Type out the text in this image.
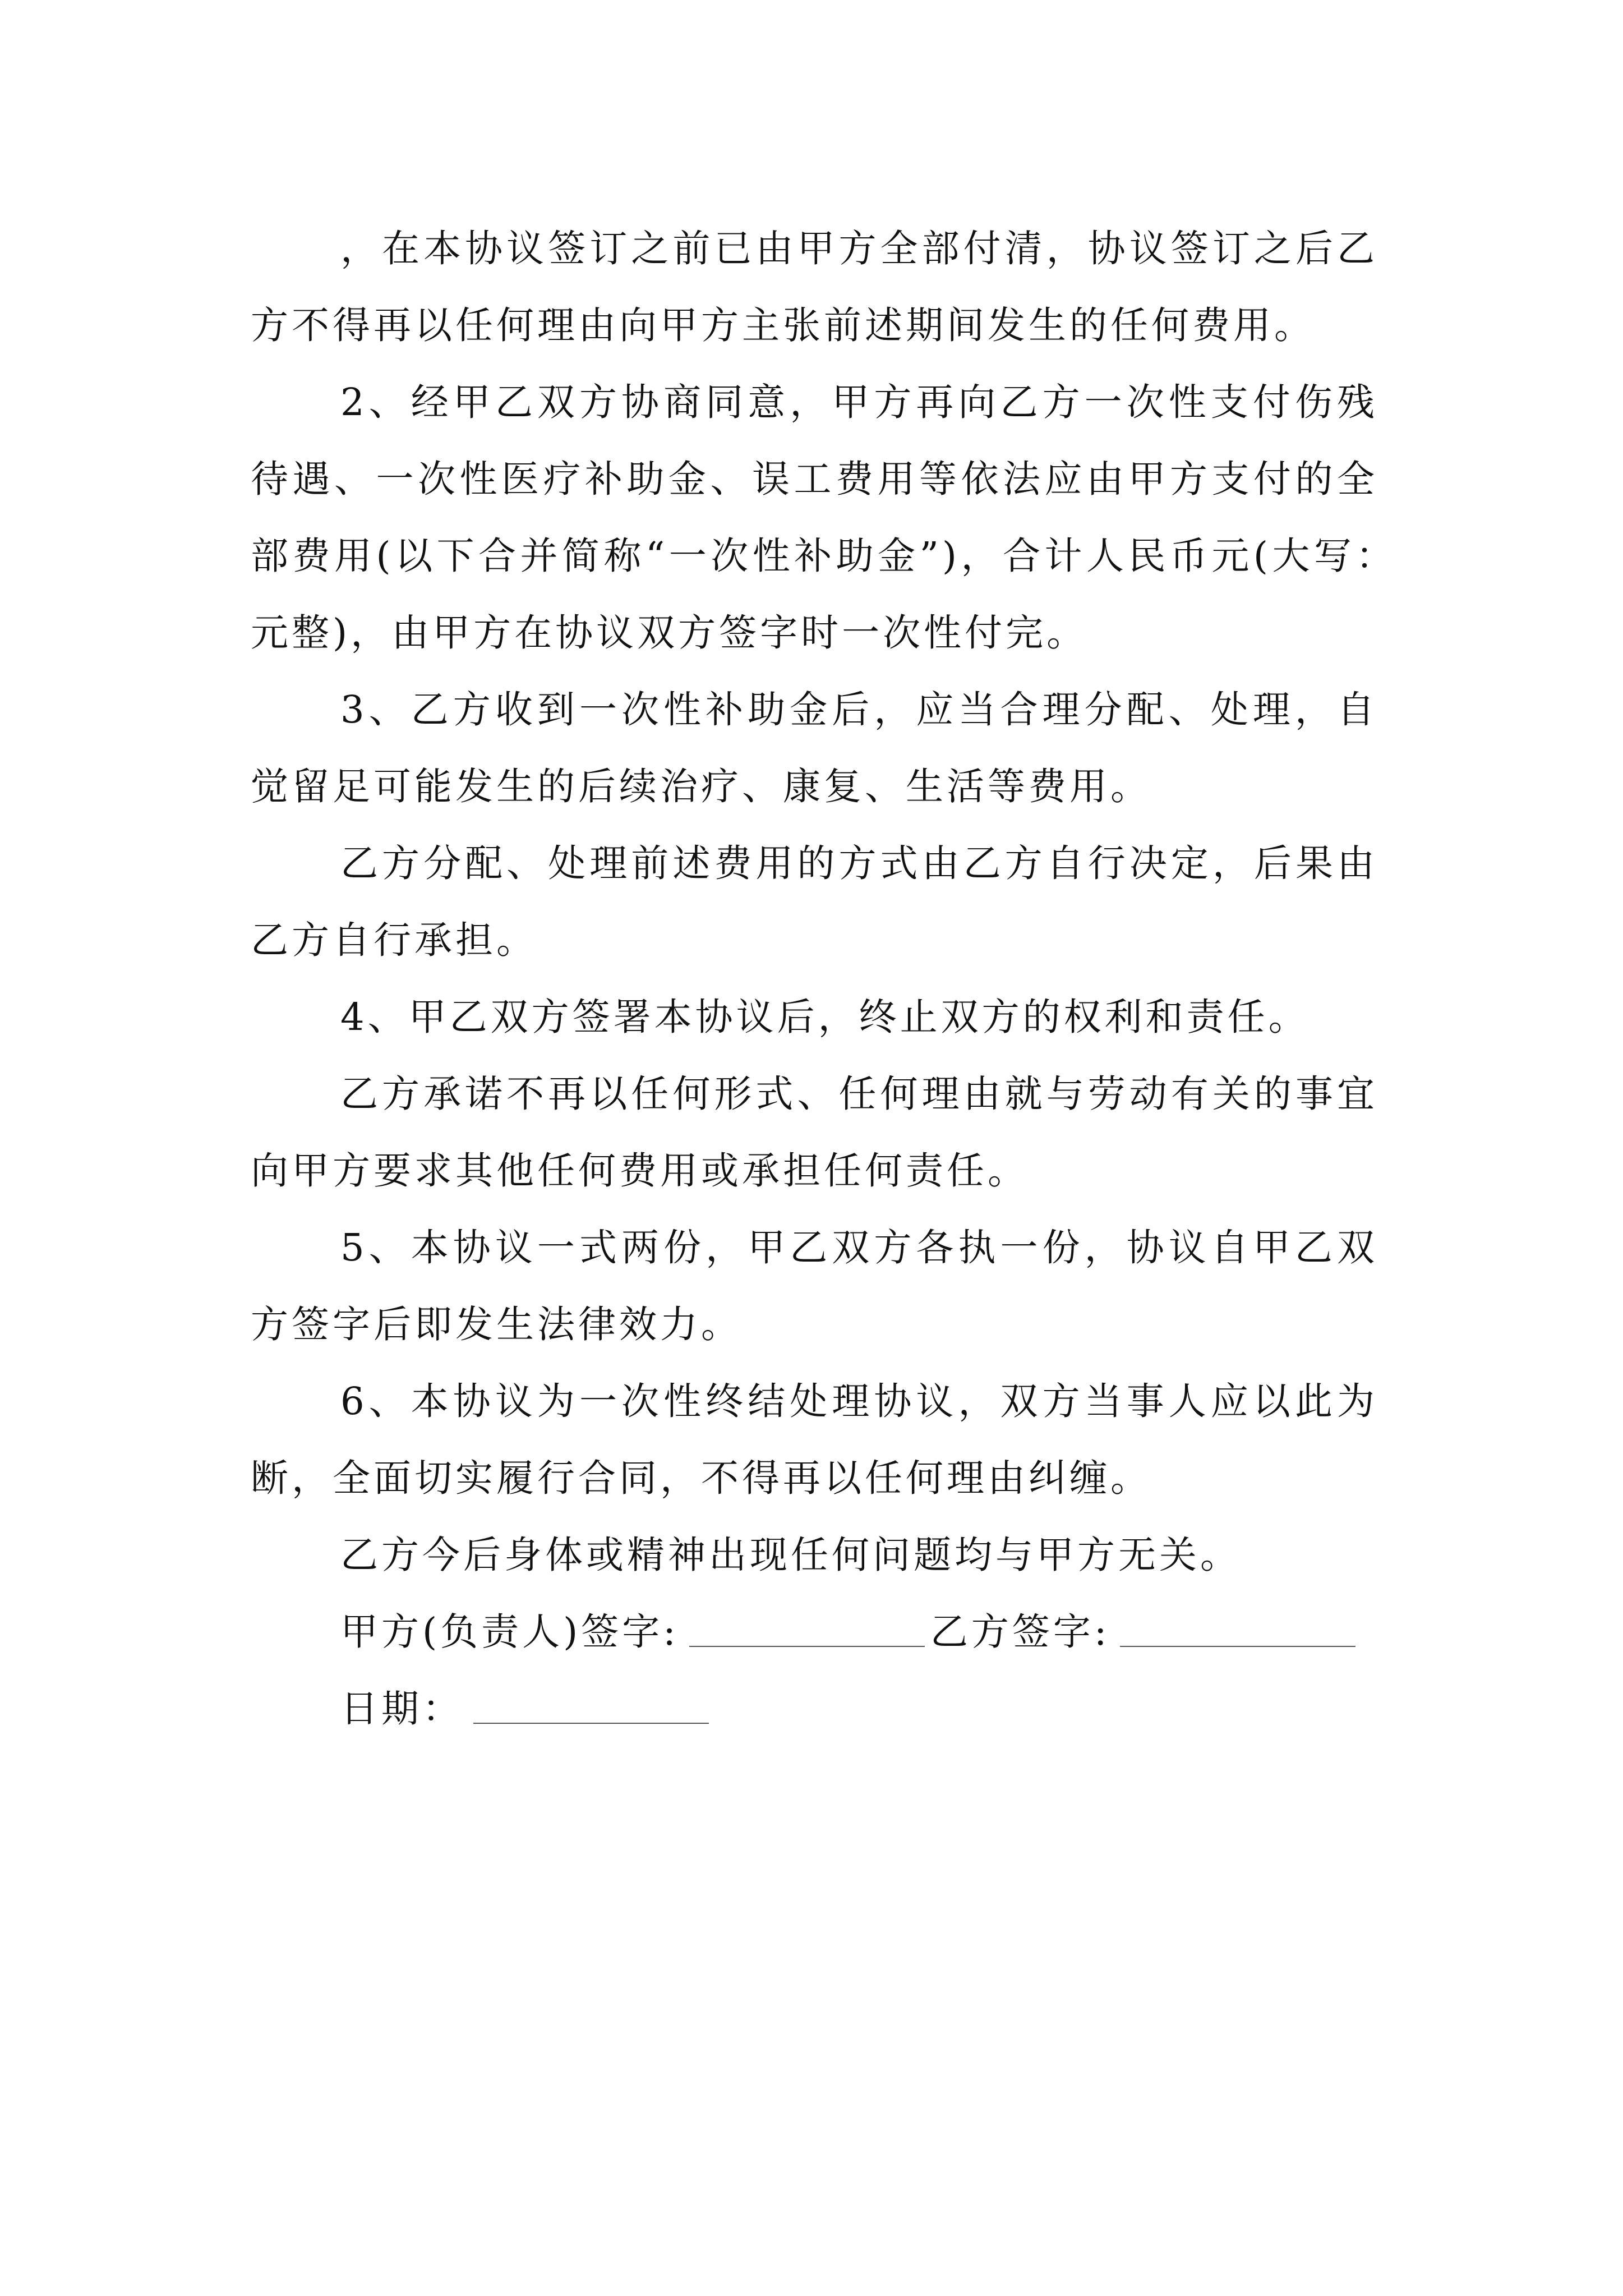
，在本协议签订之前已由甲方全部付清，协议签订之后乙方不得再以任何理由向甲方主张前述期间发生的任何费用。

2、经甲乙双方协商同意，甲方再向乙方一次性支付伤残待遇、一次性医疗补助金、误工费用等依法应由甲方支付的全部费用(以下合并简称“一次性补助金”)，合计人民币元(大写：　元整)，由甲方在协议双方签字时一次性付完。

3、乙方收到一次性补助金后，应当合理分配、处理，自觉留足可能发生的后续治疗、康复、生活等费用。

乙方分配、处理前述费用的方式由乙方自行决定，后果由乙方自行承担。

4、甲乙双方签署本协议后，终止双方的权利和责任。

乙方承诺不再以任何形式、任何理由就与劳动有关的事宜向甲方要求其他任何费用或承担任何责任。

5、本协议一式两份，甲乙双方各执一份，协议自甲乙双方签字后即发生法律效力。

6、本协议为一次性终结处理协议，双方当事人应以此为断，全面切实履行合同，不得再以任何理由纠缠。

乙方今后身体或精神出现任何问题均与甲方无关。

甲方(负责人)签字:	乙方签字:
日期：
